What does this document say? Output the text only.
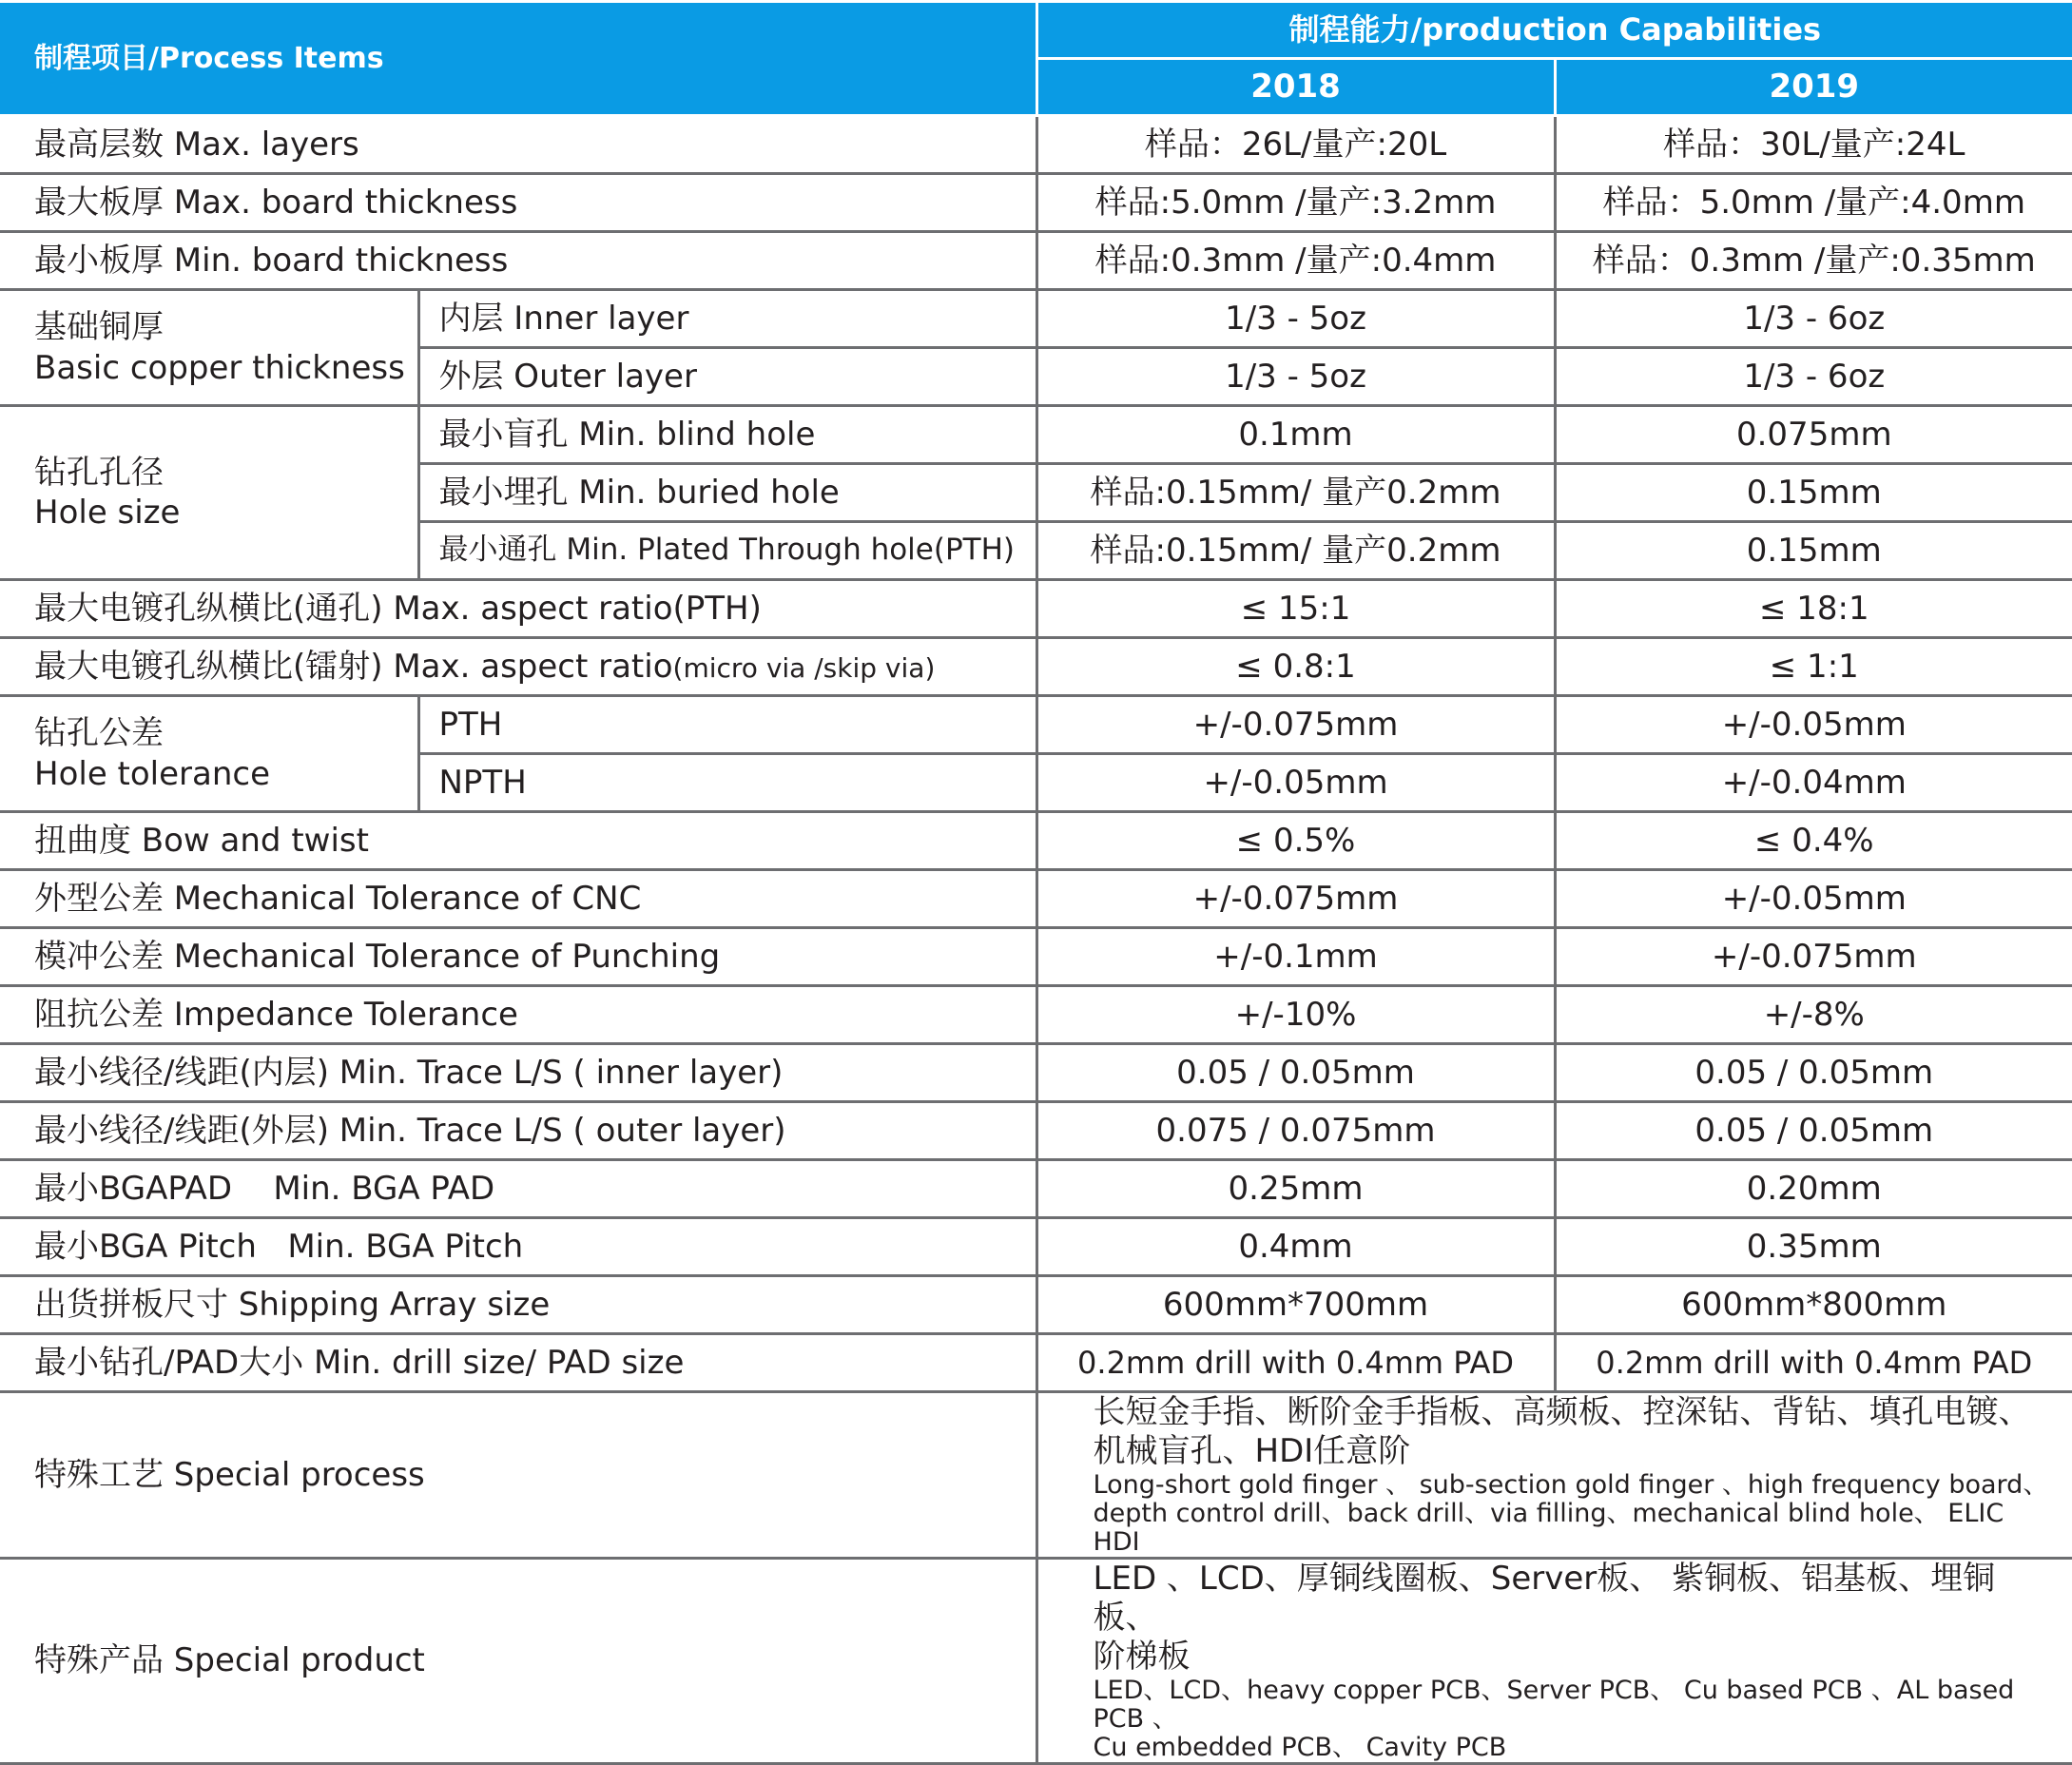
制程项目/Process Items		制程能力/production Capabilities	
		2018	2019
最高层数 Max. layers		样品：26L/量产:20L	样品：30L/量产:24L
最大板厚 Max. board thickness		样品:5.0mm /量产:3.2mm	样品：5.0mm /量产:4.0mm
最小板厚 Min. board thickness		样品:0.3mm /量产:0.4mm	样品：0.3mm /量产:0.35mm

基础铜厚
Basic copper thickness	内层 Inner layer	1/3 - 5oz	1/3 - 6oz
	外层 Outer layer	1/3 - 5oz	1/3 - 6oz

钻孔孔径
Hole size	最小盲孔 Min. blind hole	0.1mm	0.075mm
	最小埋孔 Min. buried hole	样品:0.15mm/ 量产0.2mm	0.15mm
	最小通孔 Min. Plated Through hole(PTH)	样品:0.15mm/ 量产0.2mm	0.15mm
最大电镀孔纵横比(通孔) Max. aspect ratio(PTH)		≤ 15:1	≤ 18:1
最大电镀孔纵横比(镭射) Max. aspect ratio(micro via /skip via)		≤ 0.8:1	≤ 1:1

钻孔公差
Hole tolerance	PTH	+/-0.075mm	+/-0.05mm
	NPTH	+/-0.05mm	+/-0.04mm
扭曲度 Bow and twist		≤ 0.5%	≤ 0.4%
外型公差 Mechanical Tolerance of CNC		+/-0.075mm	+/-0.05mm
模冲公差 Mechanical Tolerance of Punching		+/-0.1mm	+/-0.075mm
阻抗公差 Impedance Tolerance		+/-10%	+/-8%
最小线径/线距(内层) Min. Trace L/S ( inner layer)		0.05 / 0.05mm	0.05 / 0.05mm
最小线径/线距(外层) Min. Trace L/S ( outer layer)		0.075 / 0.075mm	0.05 / 0.05mm
最小BGAPAD    Min. BGA PAD		0.25mm	0.20mm
最小BGA Pitch   Min. BGA Pitch		0.4mm	0.35mm
出货拼板尺寸 Shipping Array size		600mm*700mm	600mm*800mm
最小钻孔/PAD大小 Min. drill size/ PAD size		0.2mm drill with 0.4mm PAD	0.2mm drill with 0.4mm PAD
特殊工艺 Special process		长短金手指、断阶金手指板、高频板、控深钻、背钻、填孔电镀、
机械盲孔、HDI任意阶
Long-short gold finger 、 sub-section gold finger 、high frequency board、
depth control drill、back drill、via filling、mechanical blind hole、 ELIC HDI	

特殊产品 Special product		LED 、LCD、厚铜线圈板、Server板、 紫铜板、铝基板、埋铜板、
阶梯板
LED、LCD、heavy copper PCB、Server PCB、 Cu based PCB 、AL based PCB 、
Cu embedded PCB、 Cavity PCB	
